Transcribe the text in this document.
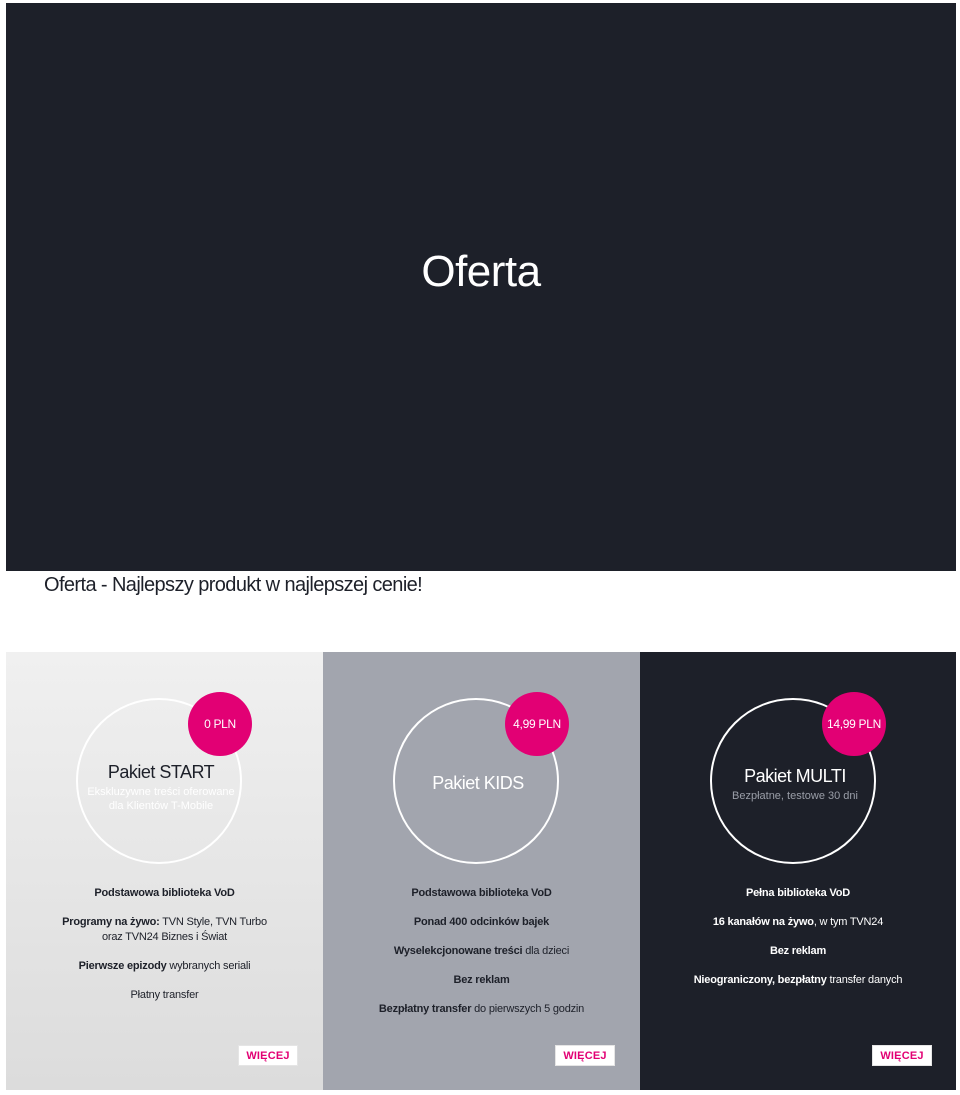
Oferta
Oferta - Najlepszy produkt w najlepszej cenie!
0 PLN
Pakiet START
Ekskluzywne treści oferowane dla Klientów T-Mobile
Podstawowa biblioteka VoD
Programy na żywo: TVN Style, TVN Turbo oraz TVN24 Biznes i Świat
Pierwsze epizody wybranych seriali
Płatny transfer
WIĘCEJ
4,99 PLN
Pakiet KIDS
Podstawowa biblioteka VoD
Ponad 400 odcinków bajek
Wyselekcjonowane treści dla dzieci
Bez reklam
Bezpłatny transfer do pierwszych 5 godzin
WIĘCEJ
14,99 PLN
Pakiet MULTI
Bezpłatne, testowe 30 dni
Pełna biblioteka VoD
16 kanałów na żywo, w tym TVN24
Bez reklam
Nieograniczony, bezpłatny transfer danych
WIĘCEJ
